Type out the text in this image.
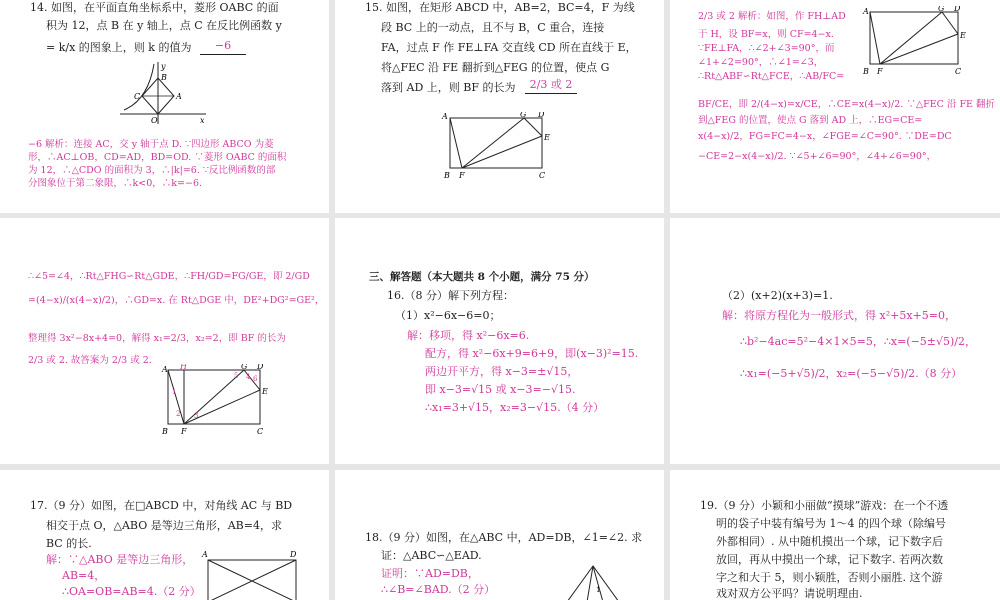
14. 如图，在平面直角坐标系中，菱形 OABC 的面
积为 12，点 B 在 y 轴上，点 C 在反比例函数 y
= k/x 的图象上，则 k 的值为	−6
y
B
C	A
O	x
−6 解析：连接 AC，交 y 轴于点 D. ∵四边形 ABCO 为菱
形，∴AC⊥OB，CD=AD，BD=OD. ∵菱形 OABC 的面积
为 12，∴△CDO 的面积为 3，∴|k|=6. ∵反比例函数的部
分图象位于第二象限，∴k<0，∴k=−6.
15. 如图，在矩形 ABCD 中，AB=2，BC=4，F 为线
段 BC 上的一动点，且不与 B，C 重合，连接
FA，过点 F 作 FE⊥FA 交直线 CD 所在直线于 E，
将△FEC 沿 FE 翻折到△FEG 的位置，使点 G
落到 AD 上，则 BF 的长为	2/3 或 2
A	G D
E
B F	C
2/3 或 2 解析：如图，作 FH⊥AD
于 H，设 BF=x，则 CF=4−x.
∵FE⊥FA，∴∠2+∠3=90°，而
∠1+∠2=90°，∴∠1=∠3，
∴Rt△ABF∽Rt△FCE，∴AB/FC=
BF/CE，即 2/(4−x)=x/CE，∴CE=x(4−x)/2. ∵△FEC 沿 FE 翻折
到△FEG 的位置，使点 G 落到 AD 上，∴EG=CE=
x(4−x)/2，FG=FC=4−x，∠FGE=∠C=90°. ∵DE=DC
−CE=2−x(4−x)/2. ∵∠5+∠6=90°，∠4+∠6=90°，
A	G D
E
B F	C
∴∠5=∠4，∴Rt△FHG∽Rt△GDE，∴FH/GD=FG/GE，即 2/GD
=(4−x)/(x(4−x)/2)，∴GD=x. 在 Rt△DGE 中，DE²+DG²=GE²，
整理得 3x²−8x+4=0，解得 x₁=2/3，x₂=2，即 BF 的长为
2/3 或 2. 故答案为 2/3 或 2.
A H
5
G
4
D
6
E
1
2 3
B F	C
三、解答题（本大题共 8 个小题，满分 75 分）
16.（8 分）解下列方程：
（1）x²−6x−6=0；
解：移项，得 x²−6x=6.
配方，得 x²−6x+9=6+9，即(x−3)²=15.
两边开平方，得 x−3=±√15，
即 x−3=√15 或 x−3=−√15.
∴x₁=3+√15，x₂=3−√15.（4 分）
（2）(x+2)(x+3)=1.
解：将原方程化为一般形式，得 x²+5x+5=0，
∴b²−4ac=5²−4×1×5=5，∴x=(−5±√5)/2，
∴x₁=(−5+√5)/2，x₂=(−5−√5)/2.（8 分）
17.（9 分）如图，在□ABCD 中，对角线 AC 与 BD
相交于点 O，△ABO 是等边三角形，AB=4，求
BC 的长.
解：∵△ABO 是等边三角形，
AB=4，
∴OA=OB=AB=4.（2 分）
A	D
18.（9 分）如图，在△ABC 中，AD=DB，∠1=∠2. 求
证：△ABC∽△EAD.
证明：∵AD=DB，
∴∠B=∠BAD.（2 分）	1
19.（9 分）小颖和小丽做“摸球”游戏：在一个不透
明的袋子中装有编号为 1～4 的四个球（除编号
外都相同）. 从中随机摸出一个球，记下数字后
放回，再从中摸出一个球，记下数字. 若两次数
字之和大于 5，则小颖胜，否则小丽胜. 这个游
戏对双方公平吗？请说明理由.
